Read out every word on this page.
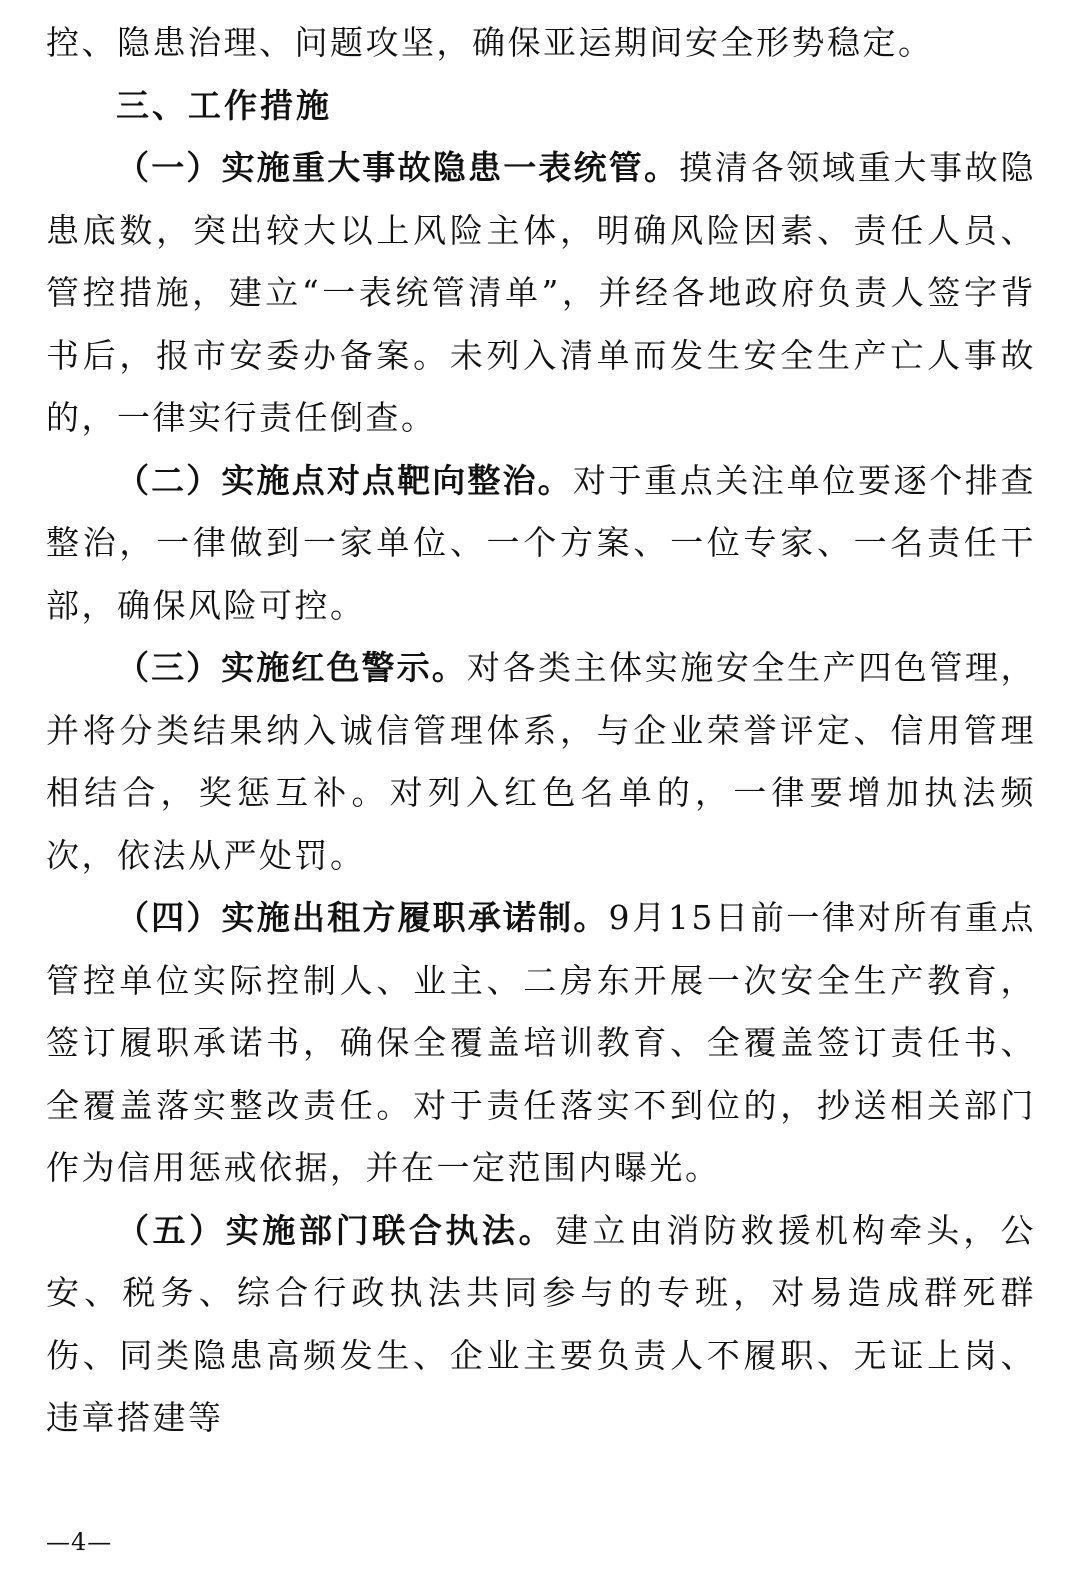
控、隐患治理、问题攻坚，确保亚运期间安全形势稳定。

三、工作措施

（一）实施重大事故隐患一表统管。摸清各领域重大事故隐患底数，突出较大以上风险主体，明确风险因素、责任人员、管控措施，建立“一表统管清单”，并经各地政府负责人签字背书后，报市安委办备案。未列入清单而发生安全生产亡人事故的，一律实行责任倒查。

（二）实施点对点靶向整治。对于重点关注单位要逐个排查整治，一律做到一家单位、一个方案、一位专家、一名责任干部，确保风险可控。

（三）实施红色警示。对各类主体实施安全生产四色管理，并将分类结果纳入诚信管理体系，与企业荣誉评定、信用管理相结合，奖惩互补。对列入红色名单的，一律要增加执法频次，依法从严处罚。

（四）实施出租方履职承诺制。9月15日前一律对所有重点管控单位实际控制人、业主、二房东开展一次安全生产教育，签订履职承诺书，确保全覆盖培训教育、全覆盖签订责任书、全覆盖落实整改责任。对于责任落实不到位的，抄送相关部门作为信用惩戒依据，并在一定范围内曝光。

（五）实施部门联合执法。建立由消防救援机构牵头，公安、税务、综合行政执法共同参与的专班，对易造成群死群伤、同类隐患高频发生、企业主要负责人不履职、无证上岗、违章搭建等

—4—
